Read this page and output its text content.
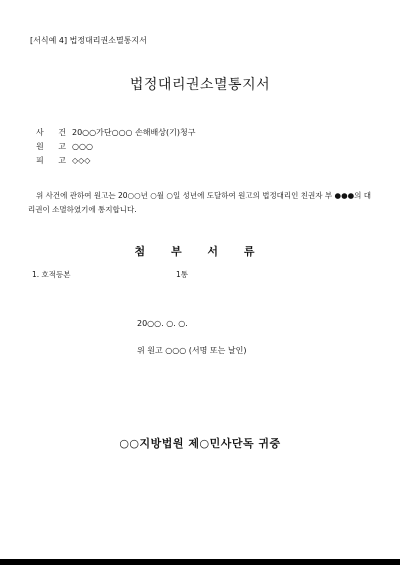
[서식예 4] 법정대리권소멸통지서
법정대리권소멸통지서
사 건 20○○가단○○○ 손해배상(기)청구
원 고 ○○○
피 고 ◇◇◇
위 사건에 관하여 원고는 20○○년 ○월 ○일 성년에 도달하여 원고의 법정대리인 친권자 부 ●●●의 대리권이 소멸하였기에 통지합니다.
첨 부 서 류
1. 호적등본	1통
20○○. ○. ○.
위 원고 ○○○ (서명 또는 날인)
○○지방법원 제○민사단독 귀중
